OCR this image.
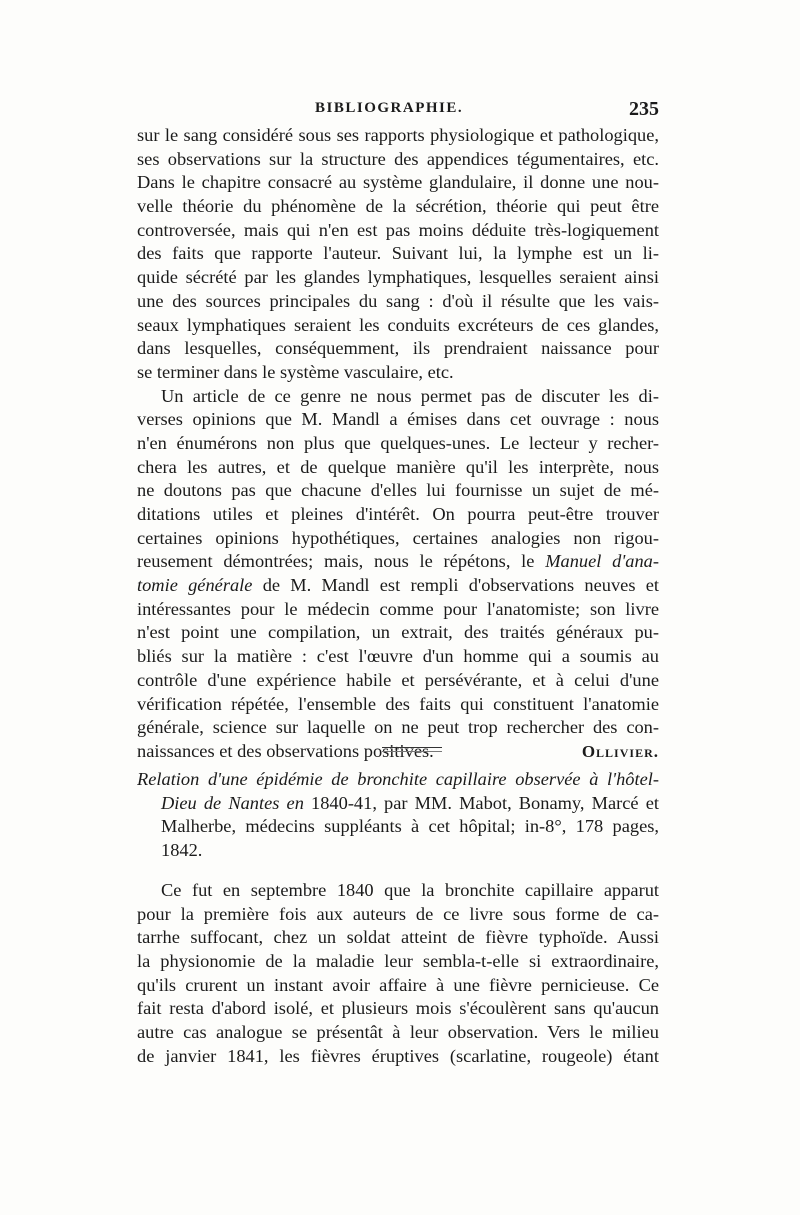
BIBLIOGRAPHIE.	235
sur le sang considéré sous ses rapports physiologique et pathologique,
ses observations sur la structure des appendices tégumentaires, etc.
Dans le chapitre consacré au système glandulaire, il donne une nou-
velle théorie du phénomène de la sécrétion, théorie qui peut être
controversée, mais qui n'en est pas moins déduite très-logiquement
des faits que rapporte l'auteur. Suivant lui, la lymphe est un li-
quide sécrété par les glandes lymphatiques, lesquelles seraient ainsi
une des sources principales du sang : d'où il résulte que les vais-
seaux lymphatiques seraient les conduits excréteurs de ces glandes,
dans lesquelles, conséquemment, ils prendraient naissance pour
se terminer dans le système vasculaire, etc.
Un article de ce genre ne nous permet pas de discuter les di-
verses opinions que M. Mandl a émises dans cet ouvrage : nous
n'en énumérons non plus que quelques-unes. Le lecteur y recher-
chera les autres, et de quelque manière qu'il les interprète, nous
ne doutons pas que chacune d'elles lui fournisse un sujet de mé-
ditations utiles et pleines d'intérêt. On pourra peut-être trouver
certaines opinions hypothétiques, certaines analogies non rigou-
reusement démontrées; mais, nous le répétons, le Manuel d'ana-
tomie générale de M. Mandl est rempli d'observations neuves et
intéressantes pour le médecin comme pour l'anatomiste; son livre
n'est point une compilation, un extrait, des traités généraux pu-
bliés sur la matière : c'est l'œuvre d'un homme qui a soumis au
contrôle d'une expérience habile et persévérante, et à celui d'une
vérification répétée, l'ensemble des faits qui constituent l'anatomie
générale, science sur laquelle on ne peut trop rechercher des con-
naissances et des observations positives.	Ollivier.
Relation d'une épidémie de bronchite capillaire observée à l'hôtel-
Dieu de Nantes en 1840-41, par MM. Mabot, Bonamy, Marcé et
Malherbe, médecins suppléants à cet hôpital; in-8°, 178 pages,
1842.
Ce fut en septembre 1840 que la bronchite capillaire apparut
pour la première fois aux auteurs de ce livre sous forme de ca-
tarrhe suffocant, chez un soldat atteint de fièvre typhoïde. Aussi
la physionomie de la maladie leur sembla-t-elle si extraordinaire,
qu'ils crurent un instant avoir affaire à une fièvre pernicieuse. Ce
fait resta d'abord isolé, et plusieurs mois s'écoulèrent sans qu'aucun
autre cas analogue se présentât à leur observation. Vers le milieu
de janvier 1841, les fièvres éruptives (scarlatine, rougeole) étant
